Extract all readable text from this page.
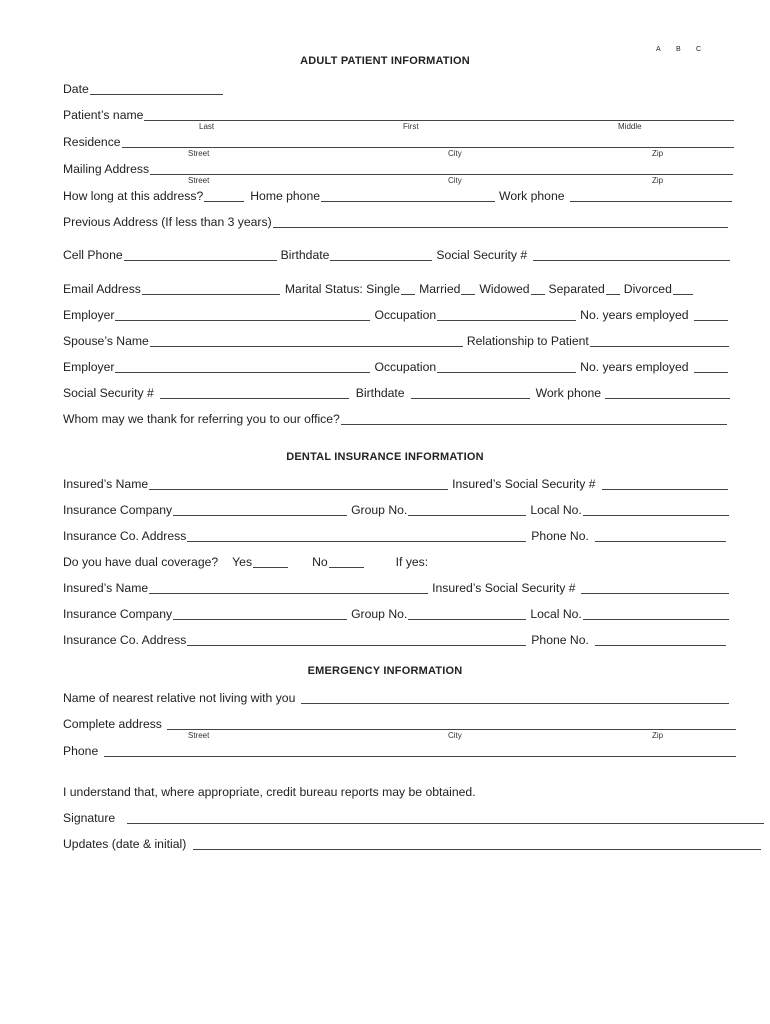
A B C
ADULT PATIENT INFORMATION
Date
Patient’s name
Last	First	Middle
Residence
Street	City	Zip
Mailing Address
Street	City	Zip
How long at this address?	Home phone	Work phone
Previous Address (If less than 3 years)
Cell Phone	Birthdate	Social Security #
Email Address	Marital Status: Single Married Widowed Separated Divorced
Employer	Occupation	No. years employed
Spouse’s Name	Relationship to Patient
Employer	Occupation	No. years employed
Social Security #	Birthdate	Work phone
Whom may we thank for referring you to our office?
DENTAL INSURANCE INFORMATION
Insured’s Name	Insured’s Social Security #
Insurance Company	Group No.	Local No.
Insurance Co. Address	Phone No.
Do you have dual coverage? Yes	No	If yes:
Insured’s Name	Insured’s Social Security #
Insurance Company	Group No.	Local No.
Insurance Co. Address	Phone No.
EMERGENCY INFORMATION
Name of nearest relative not living with you
Complete address
Street	City	Zip
Phone
I understand that, where appropriate, credit bureau reports may be obtained.
Signature
Updates (date & initial)
